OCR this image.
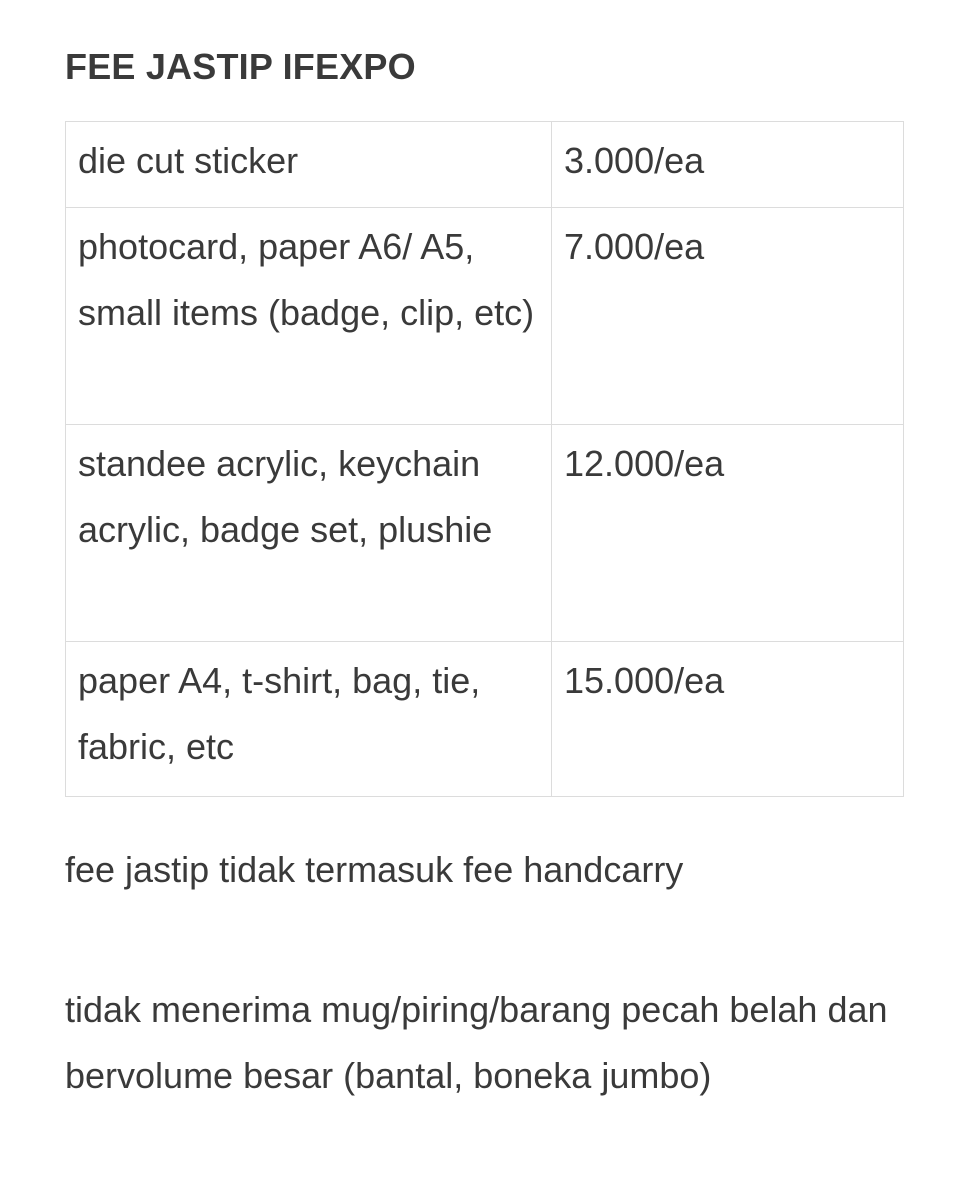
FEE JASTIP IFEXPO
die cut sticker	3.000/ea
photocard, paper A6/ A5, small items (badge, clip, etc)	7.000/ea
standee acrylic, keychain acrylic, badge set, plushie	12.000/ea
paper A4, t-shirt, bag, tie, fabric, etc	15.000/ea

fee jastip tidak termasuk fee handcarry

tidak menerima mug/piring/barang pecah belah dan bervolume besar (bantal, boneka jumbo)
